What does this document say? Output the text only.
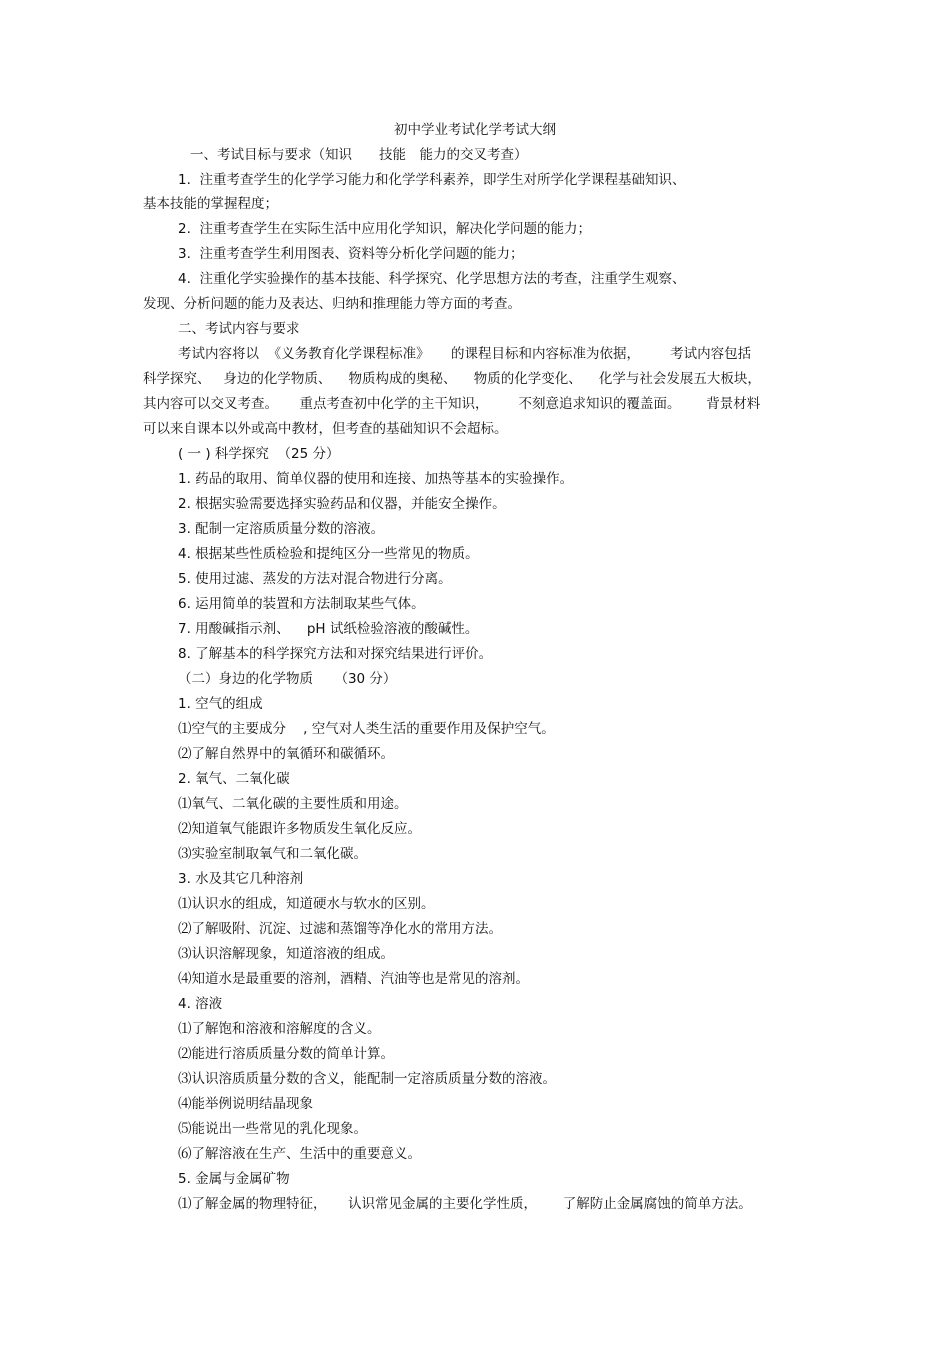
初中学业考试化学考试大纲
一、考试目标与要求（知识　　技能　能力的交叉考查）
1.  注重考查学生的化学学习能力和化学学科素养，即学生对所学化学课程基础知识、
基本技能的掌握程度；
2.  注重考查学生在实际生活中应用化学知识，解决化学问题的能力；
3.  注重考查学生利用图表、资料等分析化学问题的能力；
4.  注重化学实验操作的基本技能、科学探究、化学思想方法的考查，注重学生观察、
发现、分析问题的能力及表达、归纳和推理能力等方面的考查。
二、考试内容与要求
考试内容将以  《义务教育化学课程标准》     的课程目标和内容标准为依据，       考试内容包括
科学探究、   身边的化学物质、    物质构成的奥秘、    物质的化学变化、    化学与社会发展五大板块，
其内容可以交叉考查。     重点考查初中化学的主干知识，       不刻意追求知识的覆盖面。      背景材料
可以来自课本以外或高中教材，但考查的基础知识不会超标。
( 一 ) 科学探究  （25 分）
1. 药品的取用、简单仪器的使用和连接、加热等基本的实验操作。
2. 根据实验需要选择实验药品和仪器，并能安全操作。
3. 配制一定溶质质量分数的溶液。
4. 根据某些性质检验和提纯区分一些常见的物质。
5. 使用过滤、蒸发的方法对混合物进行分离。
6. 运用简单的装置和方法制取某些气体。
7. 用酸碱指示剂、    pH 试纸检验溶液的酸碱性。
8. 了解基本的科学探究方法和对探究结果进行评价。
（二）身边的化学物质     （30 分）
1. 空气的组成
⑴空气的主要成分    , 空气对人类生活的重要作用及保护空气。
⑵了解自然界中的氧循环和碳循环。
2. 氧气、二氧化碳
⑴氧气、二氧化碳的主要性质和用途。
⑵知道氧气能跟许多物质发生氧化反应。
⑶实验室制取氧气和二氧化碳。
3. 水及其它几种溶剂
⑴认识水的组成，知道硬水与软水的区别。
⑵了解吸附、沉淀、过滤和蒸馏等净化水的常用方法。
⑶认识溶解现象，知道溶液的组成。
⑷知道水是最重要的溶剂，酒精、汽油等也是常见的溶剂。
4. 溶液
⑴了解饱和溶液和溶解度的含义。
⑵能进行溶质质量分数的简单计算。
⑶认识溶质质量分数的含义，能配制一定溶质质量分数的溶液。
⑷能举例说明结晶现象
⑸能说出一些常见的乳化现象。
⑹了解溶液在生产、生活中的重要意义。
5. 金属与金属矿物
⑴了解金属的物理特征，     认识常见金属的主要化学性质，      了解防止金属腐蚀的简单方法。
